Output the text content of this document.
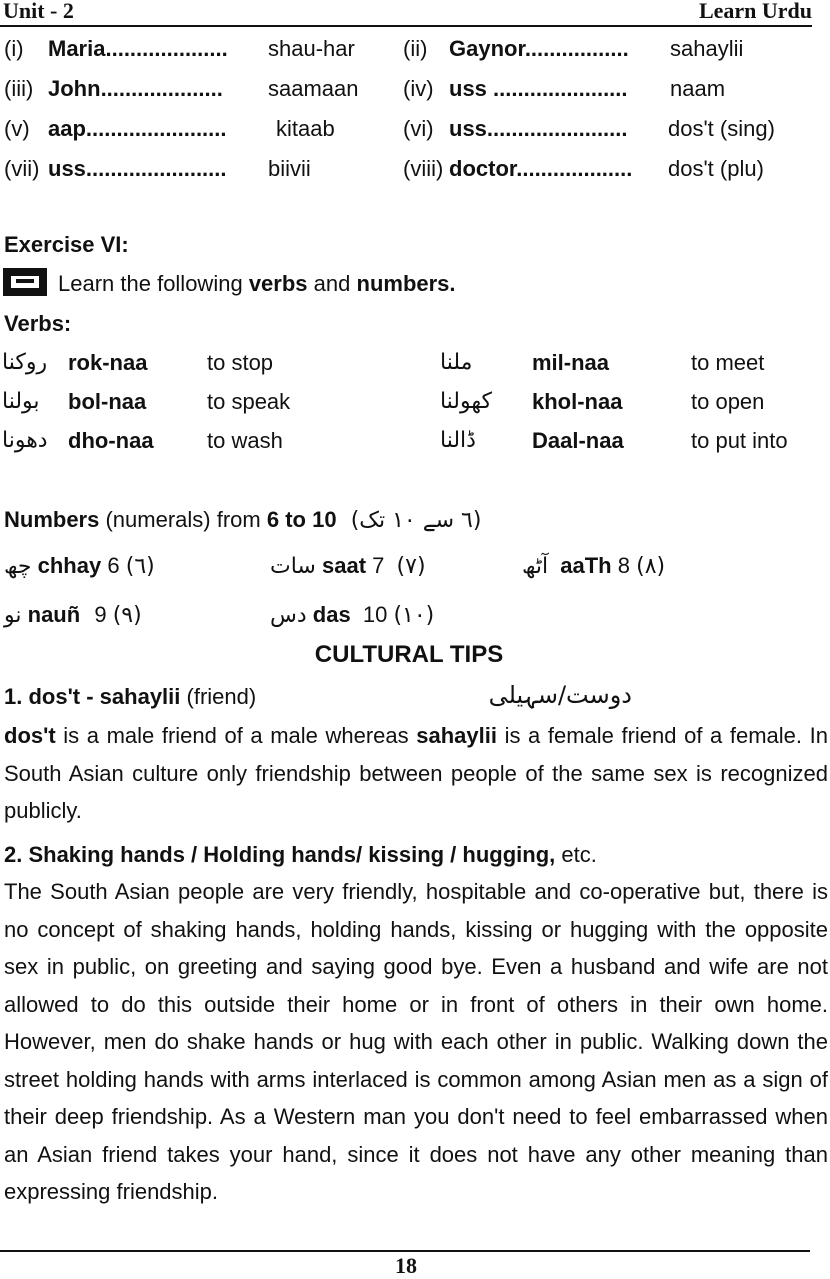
Unit - 2	Learn Urdu
(i) Maria.................... shau-har (ii) Gaynor................. sahaylii
(iii) John.................... saamaan (iv) uss ...................... naam
(v) aap....................... kitaab	(vi) uss....................... dos't (sing)
(vii) uss....................... biivii	(viii) doctor................... dos't (plu)
Exercise VI:
Learn the following verbs and numbers.
Verbs:
روکنا rok-naa	to stop	ملنا	mil-naa	to meet
بولنا	bol-naa	to speak	کھولنا khol-naa	to open
دھونا dho-naa to wash	ڈالنا	Daal-naa	to put into
Numbers (numerals) from 6 to 10 (٦ سے ١٠ تک)
چھ chhay 6 (٦)	سات saat 7 (٧)	آٹھ aaTh 8 (٨)
نو nauñ 9 (٩)	دس das 10 (١٠)
CULTURAL TIPS
1. dos't - sahaylii (friend)	دوست/سہیلی
dos't is a male friend of a male whereas sahaylii is a female friend of a female. In South Asian culture only friendship between people of the same sex is recognized publicly.
2. Shaking hands / Holding hands/ kissing / hugging, etc.
The South Asian people are very friendly, hospitable and co-operative but, there is no concept of shaking hands, holding hands, kissing or hugging with the opposite sex in public, on greeting and saying good bye. Even a husband and wife are not allowed to do this outside their home or in front of others in their own home. However, men do shake hands or hug with each other in public. Walking down the street holding hands with arms interlaced is common among Asian men as a sign of their deep friendship. As a Western man you don't need to feel embarrassed when an Asian friend takes your hand, since it does not have any other meaning than expressing friendship.
18
